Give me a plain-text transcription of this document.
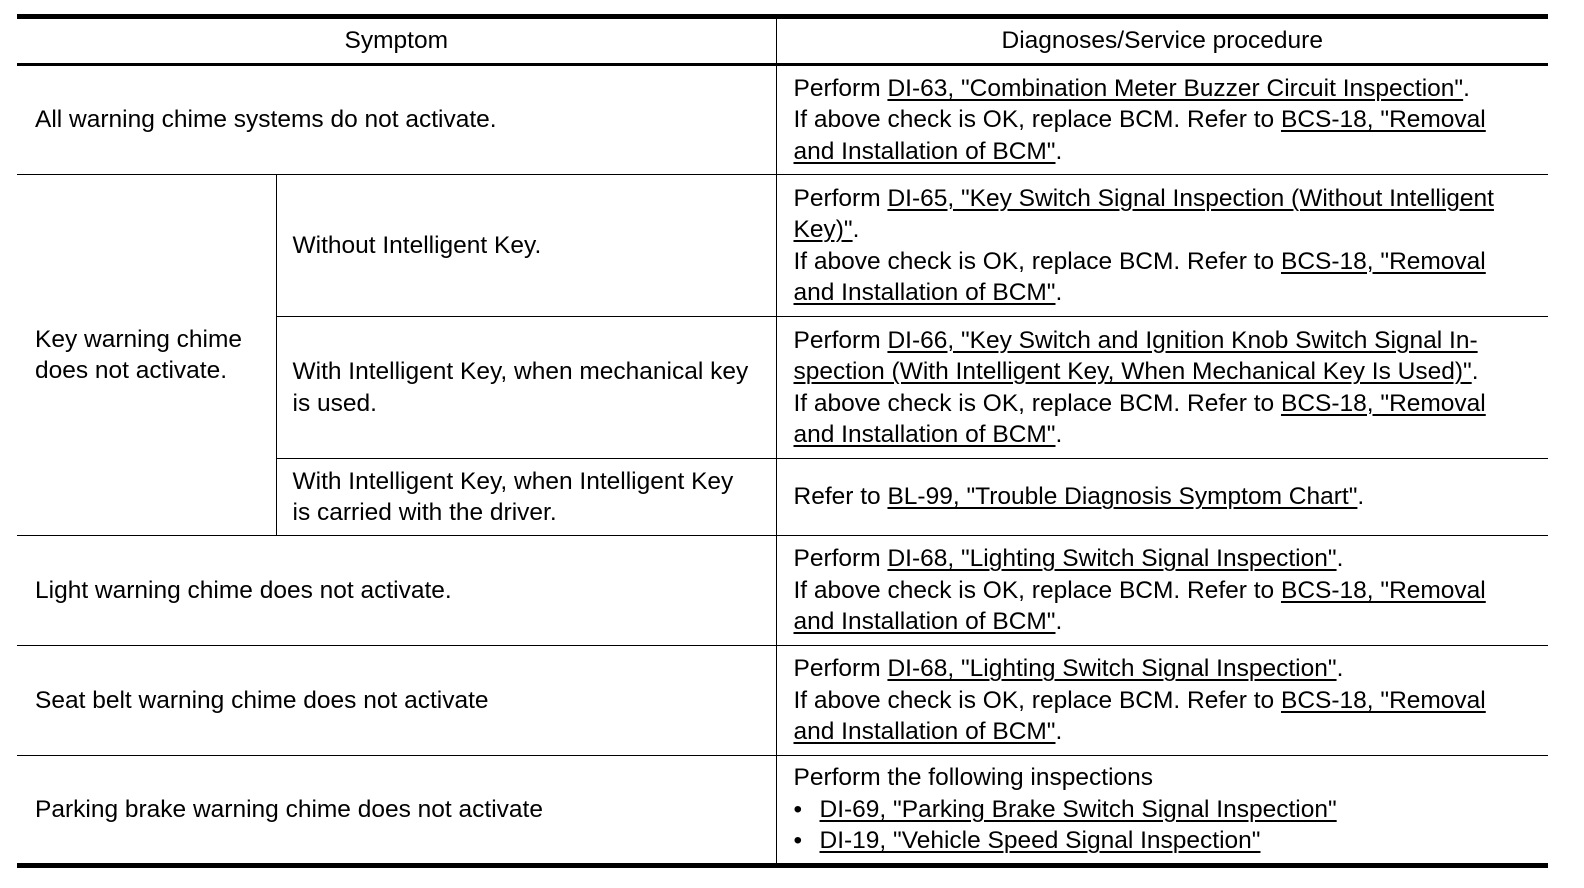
Symptom		Diagnoses/Service procedure
All warning chime systems do not activate.		Perform DI-63, "Combination Meter Buzzer Circuit Inspection".
If above check is OK, replace BCM. Refer to BCS-18, "Removal
and Installation of BCM".

Key warning chime
does not activate.	Without Intelligent Key.	Perform DI-65, "Key Switch Signal Inspection (Without Intelligent
Key)".
If above check is OK, replace BCM. Refer to BCS-18, "Removal
and Installation of BCM".

	With Intelligent Key, when mechanical key
is used.	Perform DI-66, "Key Switch and Ignition Knob Switch Signal In-
spection (With Intelligent Key, When Mechanical Key Is Used)".
If above check is OK, replace BCM. Refer to BCS-18, "Removal
and Installation of BCM".

	With Intelligent Key, when Intelligent Key
is carried with the driver.	Refer to BL-99, "Trouble Diagnosis Symptom Chart".

Light warning chime does not activate.		Perform DI-68, "Lighting Switch Signal Inspection".
If above check is OK, replace BCM. Refer to BCS-18, "Removal
and Installation of BCM".

Seat belt warning chime does not activate		Perform DI-68, "Lighting Switch Signal Inspection".
If above check is OK, replace BCM. Refer to BCS-18, "Removal
and Installation of BCM".

Parking brake warning chime does not activate		Perform the following inspections
• DI-69, "Parking Brake Switch Signal Inspection"
• DI-19, "Vehicle Speed Signal Inspection"
